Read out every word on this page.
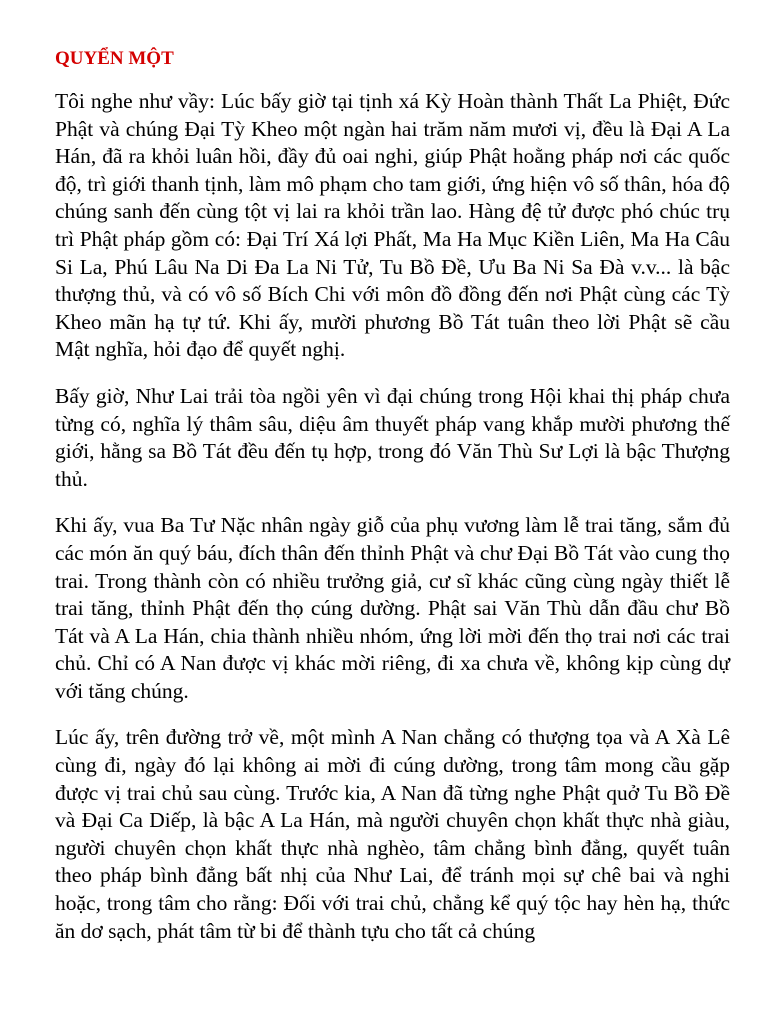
QUYỂN MỘT

Tôi nghe như vầy: Lúc bấy giờ tại tịnh xá Kỳ Hoàn thành Thất La Phiệt, Đức Phật và chúng Đại Tỳ Kheo một ngàn hai trăm năm mươi vị, đều là Đại A La Hán, đã ra khỏi luân hồi, đầy đủ oai nghi, giúp Phật hoằng pháp nơi các quốc độ, trì giới thanh tịnh, làm mô phạm cho tam giới, ứng hiện vô số thân, hóa độ chúng sanh đến cùng tột vị lai ra khỏi trần lao. Hàng đệ tử được phó chúc trụ trì Phật pháp gồm có: Đại Trí Xá lợi Phất, Ma Ha Mục Kiền Liên, Ma Ha Câu Si La, Phú Lâu Na Di Đa La Ni Tử, Tu Bồ Đề, Ưu Ba Ni Sa Đà v.v... là bậc thượng thủ, và có vô số Bích Chi với môn đồ đồng đến nơi Phật cùng các Tỳ Kheo mãn hạ tự tứ. Khi ấy, mười phương Bồ Tát tuân theo lời Phật sẽ cầu Mật nghĩa, hỏi đạo để quyết nghị.

Bấy giờ, Như Lai trải tòa ngồi yên vì đại chúng trong Hội khai thị pháp chưa từng có, nghĩa lý thâm sâu, diệu âm thuyết pháp vang khắp mười phương thế giới, hằng sa Bồ Tát đều đến tụ hợp, trong đó Văn Thù Sư Lợi là bậc Thượng thủ.

Khi ấy, vua Ba Tư Nặc nhân ngày giỗ của phụ vương làm lễ trai tăng, sắm đủ các món ăn quý báu, đích thân đến thỉnh Phật và chư Đại Bồ Tát vào cung thọ trai. Trong thành còn có nhiều trưởng giả, cư sĩ khác cũng cùng ngày thiết lễ trai tăng, thỉnh Phật đến thọ cúng dường. Phật sai Văn Thù dẫn đầu chư Bồ Tát và A La Hán, chia thành nhiều nhóm, ứng lời mời đến thọ trai nơi các trai chủ. Chỉ có A Nan được vị khác mời riêng, đi xa chưa về, không kịp cùng dự với tăng chúng.

Lúc ấy, trên đường trở về, một mình A Nan chẳng có thượng tọa và A Xà Lê cùng đi, ngày đó lại không ai mời đi cúng dường, trong tâm mong cầu gặp được vị trai chủ sau cùng. Trước kia, A Nan đã từng nghe Phật quở Tu Bồ Đề và Đại Ca Diếp, là bậc A La Hán, mà người chuyên chọn khất thực nhà giàu, người chuyên chọn khất thực nhà nghèo, tâm chẳng bình đẳng, quyết tuân theo pháp bình đẳng bất nhị của Như Lai, để tránh mọi sự chê bai và nghi hoặc, trong tâm cho rằng: Đối với trai chủ, chẳng kể quý tộc hay hèn hạ, thức ăn dơ sạch, phát tâm từ bi để thành tựu cho tất cả chúng
